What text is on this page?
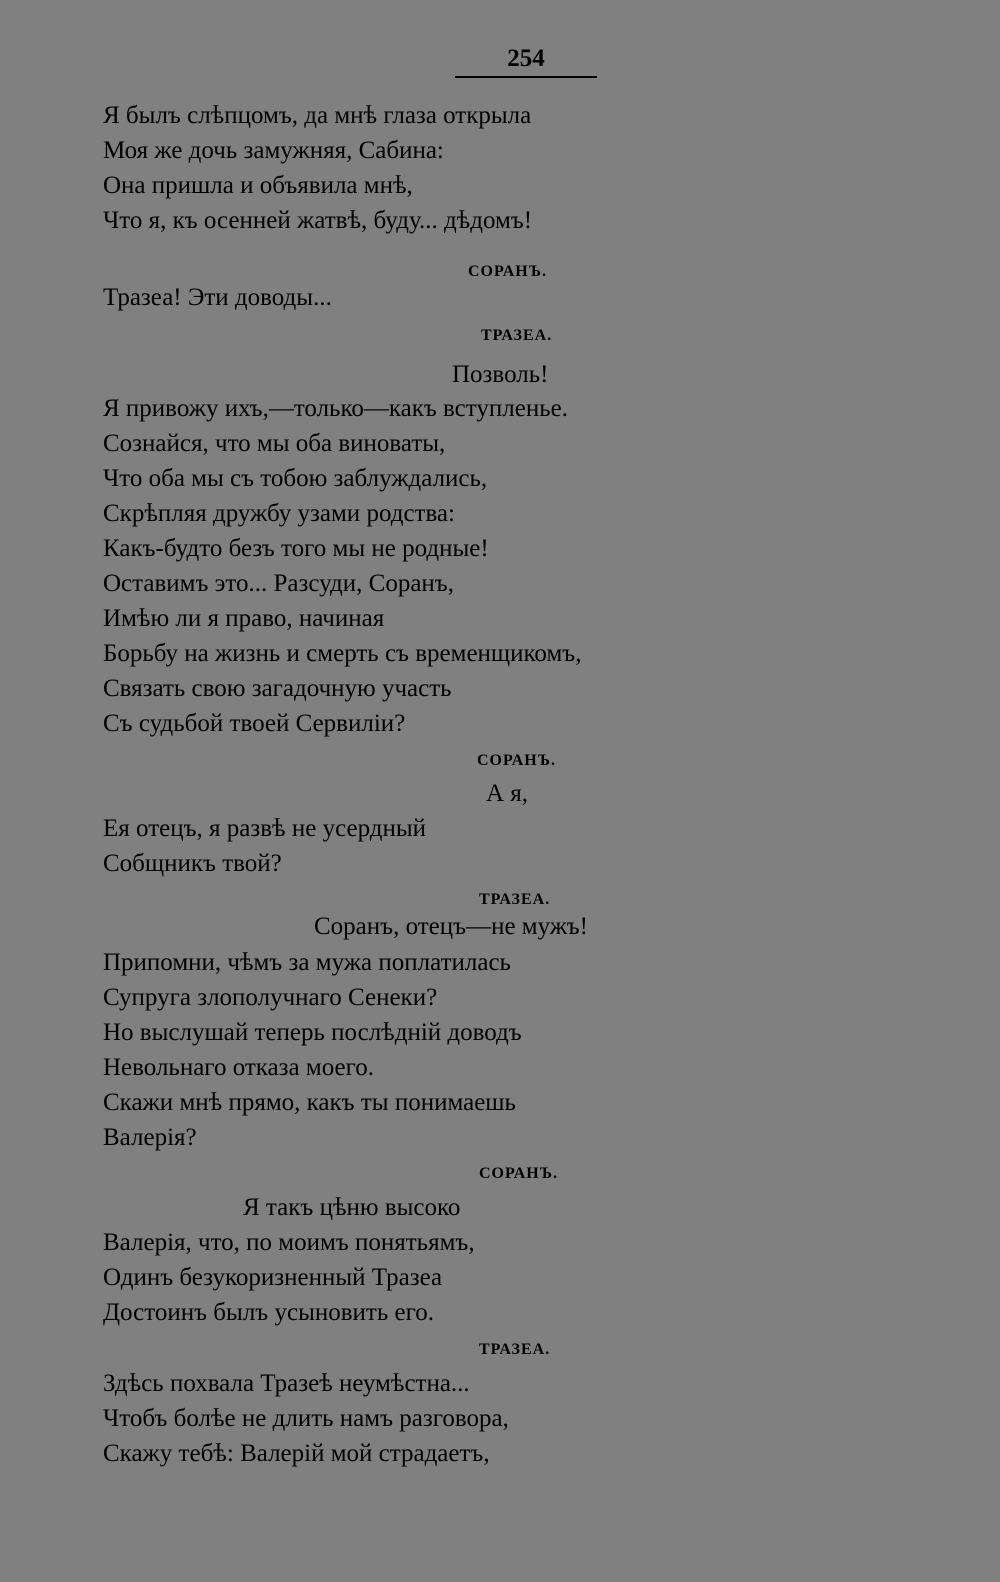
254
Я былъ слѣпцомъ, да мнѣ глаза открыла
Моя же дочь замужняя, Сабина:
Она пришла и объявила мнѣ,
Что я, къ осенней жатвѣ, буду... дѣдомъ!
СОРАНЪ.
Тразеа! Эти доводы...
ТРАЗЕА.
Позволь!
Я привожу ихъ,—только—какъ вступленье.
Сознайся, что мы оба виноваты,
Что оба мы съ тобою заблуждались,
Скрѣпляя дружбу узами родства:
Какъ-будто безъ того мы не родные!
Оставимъ это... Разсуди, Соранъ,
Имѣю ли я право, начиная
Борьбу на жизнь и смерть съ временщикомъ,
Связать свою загадочную участь
Съ судьбой твоей Сервиліи?
СОРАНЪ.
А я,
Ея отецъ, я развѣ не усердный
Собщникъ твой?
ТРАЗЕА.
Соранъ, отецъ—не мужъ!
Припомни, чѣмъ за мужа поплатилась
Супруга злополучнаго Сенеки?
Но выслушай теперь послѣдній доводъ
Невольнаго отказа моего.
Скажи мнѣ прямо, какъ ты понимаешь
Валерія?
СОРАНЪ.
Я такъ цѣню высоко
Валерія, что, по моимъ понятьямъ,
Одинъ безукоризненный Тразеа
Достоинъ былъ усыновить его.
ТРАЗЕА.
Здѣсь похвала Тразеѣ неумѣстна...
Чтобъ болѣе не длить намъ разговора,
Скажу тебѣ: Валерій мой страдаетъ,
